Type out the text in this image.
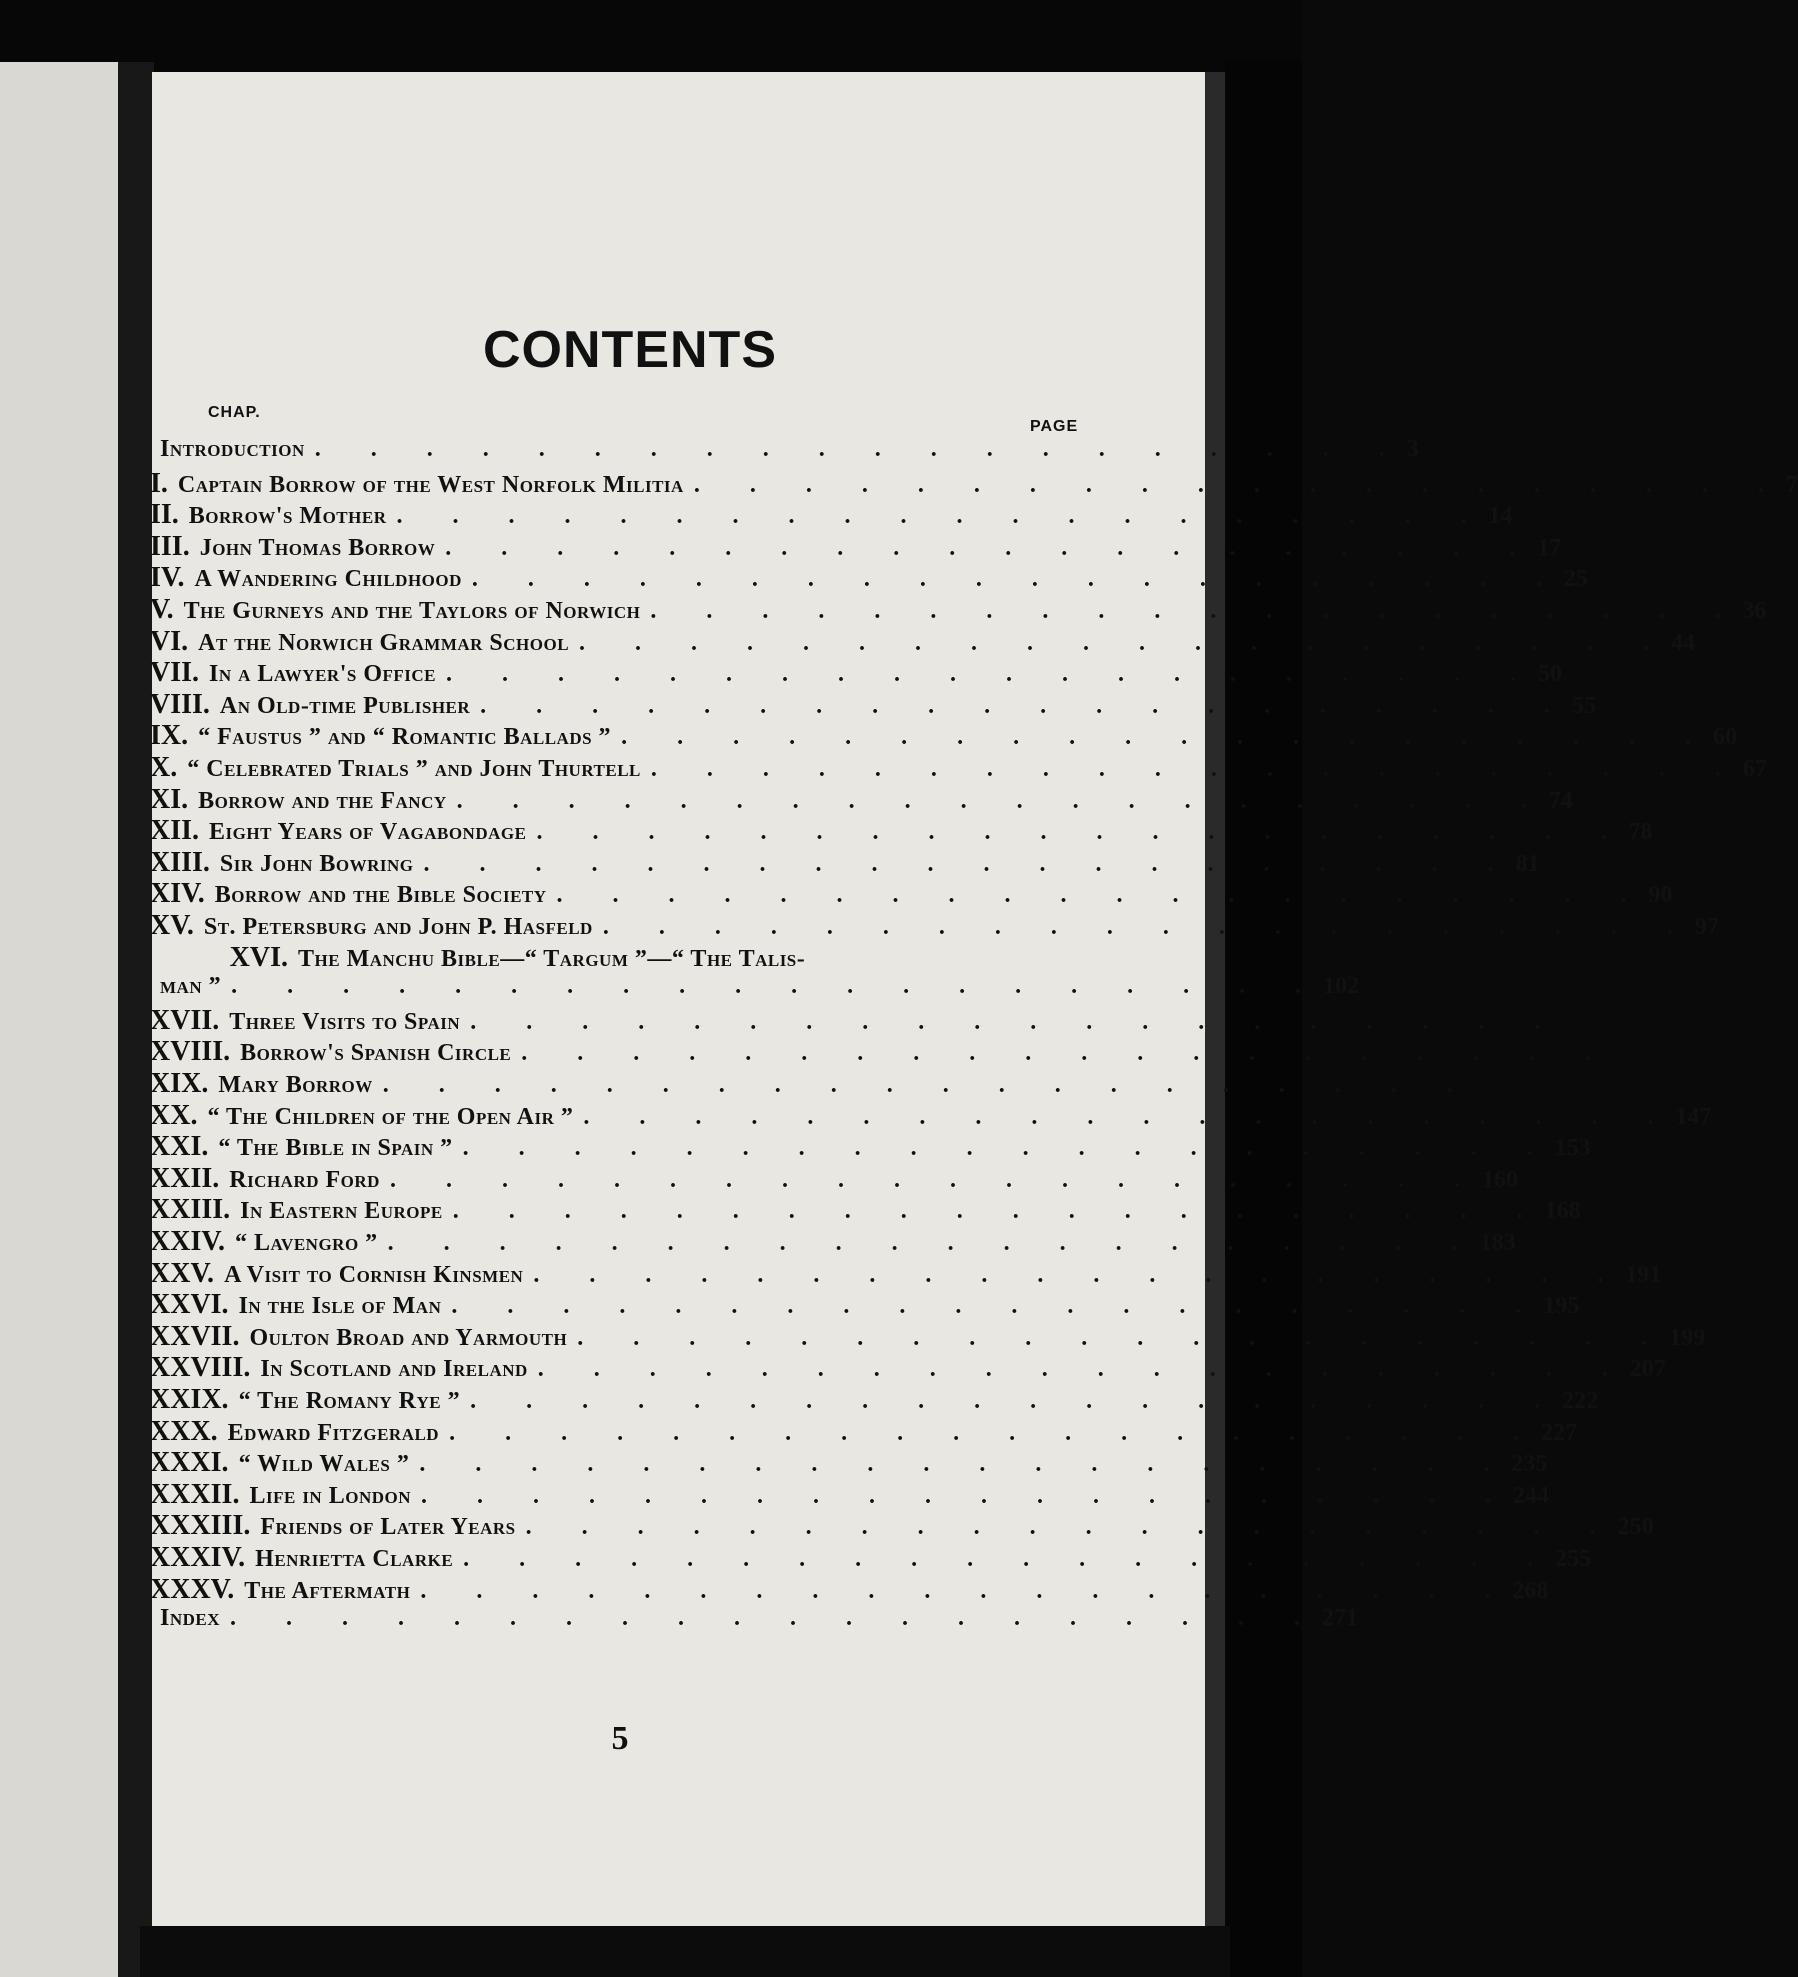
CONTENTS
CHAP.
PAGE
Introduction . . . . . . . . . . . . . . . . . . . . 3
I. Captain Borrow of the West Norfolk Militia . . . . . . . . . . . . . . . . . . . . 7
II. Borrow's Mother . . . . . . . . . . . . . . . . . . . . 14
III. John Thomas Borrow . . . . . . . . . . . . . . . . . . . . 17
IV. A Wandering Childhood . . . . . . . . . . . . . . . . . . . . 25
V. The Gurneys and the Taylors of Norwich . . . . . . . . . . . . . . . . . . . . 36
VI. At the Norwich Grammar School . . . . . . . . . . . . . . . . . . . . 44
VII. In a Lawyer's Office . . . . . . . . . . . . . . . . . . . . 50
VIII. An Old-time Publisher . . . . . . . . . . . . . . . . . . . . 55
IX. “ Faustus ” and “ Romantic Ballads ” . . . . . . . . . . . . . . . . . . . . 60
X. “ Celebrated Trials ” and John Thurtell . . . . . . . . . . . . . . . . . . . . 67
XI. Borrow and the Fancy . . . . . . . . . . . . . . . . . . . . 74
XII. Eight Years of Vagabondage . . . . . . . . . . . . . . . . . . . . 78
XIII. Sir John Bowring . . . . . . . . . . . . . . . . . . . . 81
XIV. Borrow and the Bible Society . . . . . . . . . . . . . . . . . . . . 90
XV. St. Petersburg and John P. Hasfeld . . . . . . . . . . . . . . . . . . . . 97
XVI. The Manchu Bible—“ Targum ”—“ The Talis-
man ” . . . . . . . . . . . . . . . . . . . . 102
XVII. Three Visits to Spain . . . . . . . . . . . . . . . . . . . .
XVIII. Borrow's Spanish Circle . . . . . . . . . . . . . . . . . . . .
XIX. Mary Borrow . . . . . . . . . . . . . . . . . . . .
XX. “ The Children of the Open Air ” . . . . . . . . . . . . . . . . . . . . 147
XXI. “ The Bible in Spain ” . . . . . . . . . . . . . . . . . . . . 153
XXII. Richard Ford . . . . . . . . . . . . . . . . . . . . 160
XXIII. In Eastern Europe . . . . . . . . . . . . . . . . . . . . 168
XXIV. “ Lavengro ” . . . . . . . . . . . . . . . . . . . . 183
XXV. A Visit to Cornish Kinsmen . . . . . . . . . . . . . . . . . . . . 191
XXVI. In the Isle of Man . . . . . . . . . . . . . . . . . . . . 195
XXVII. Oulton Broad and Yarmouth . . . . . . . . . . . . . . . . . . . . 199
XXVIII. In Scotland and Ireland . . . . . . . . . . . . . . . . . . . . 207
XXIX. “ The Romany Rye ” . . . . . . . . . . . . . . . . . . . . 222
XXX. Edward Fitzgerald . . . . . . . . . . . . . . . . . . . . 227
XXXI. “ Wild Wales ” . . . . . . . . . . . . . . . . . . . . 235
XXXII. Life in London . . . . . . . . . . . . . . . . . . . . 244
XXXIII. Friends of Later Years . . . . . . . . . . . . . . . . . . . . 250
XXXIV. Henrietta Clarke . . . . . . . . . . . . . . . . . . . . 255
XXXV. The Aftermath . . . . . . . . . . . . . . . . . . . . 268
Index . . . . . . . . . . . . . . . . . . . . 271
5
